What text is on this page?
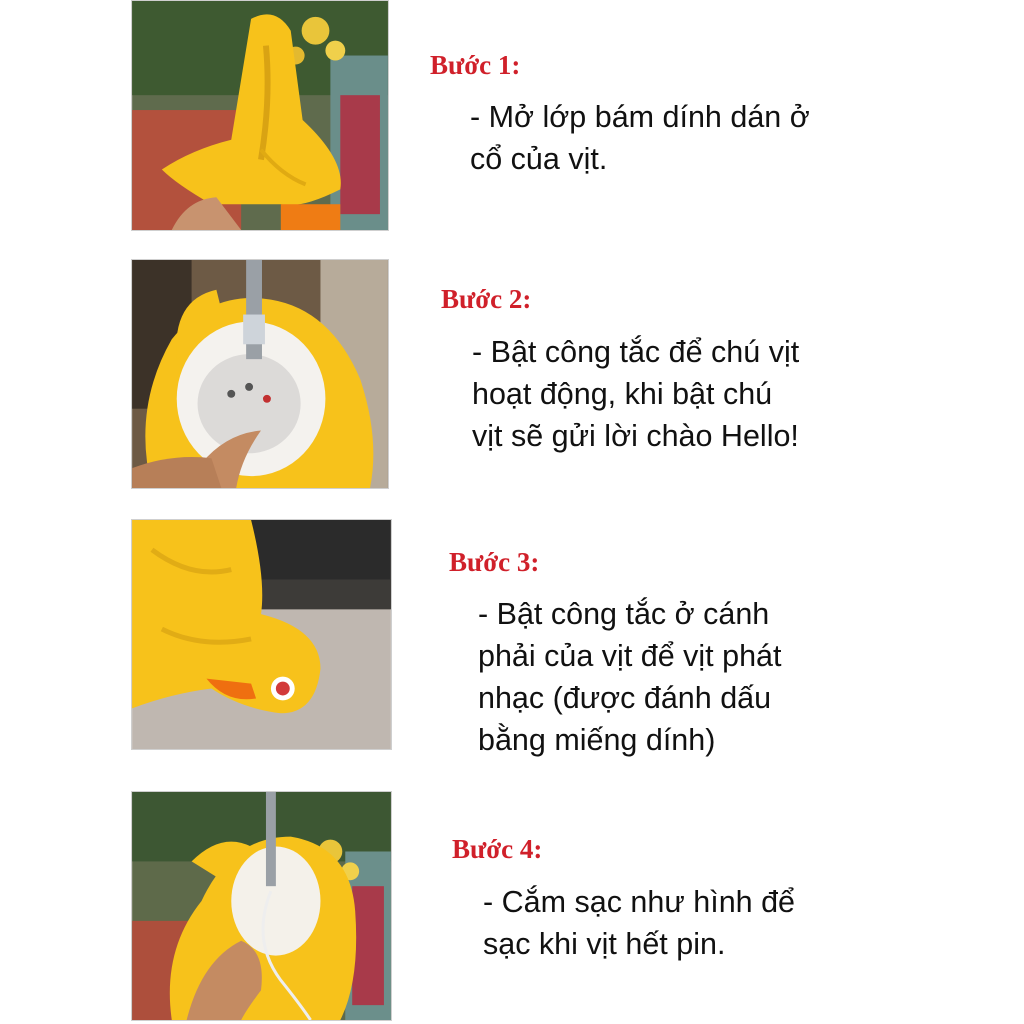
Bước 1:

- Mở lớp bám dính dán ở
cổ của vịt.

Bước 2:

- Bật công tắc để chú vịt
hoạt động, khi bật chú
vịt sẽ gửi lời chào Hello!

Bước 3:

- Bật công tắc ở cánh
phải của vịt để vịt phát
nhạc (được đánh dấu
bằng miếng dính)

Bước 4:

- Cắm sạc như hình để
sạc khi vịt hết pin.
